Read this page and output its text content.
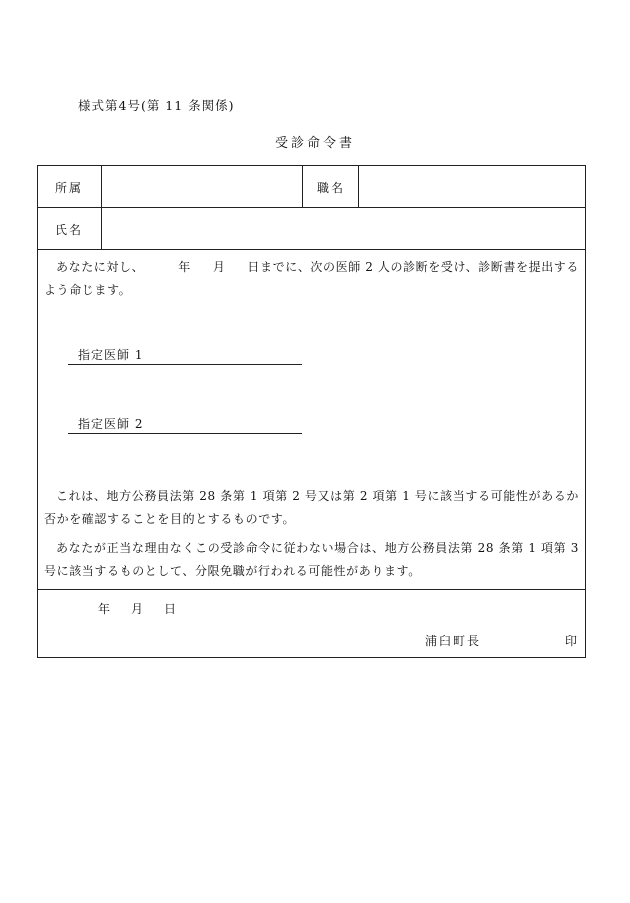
様式第4号(第 11 条関係)
受診命令書
所属	職名
氏名
あなたに対し、	年 月 日までに、次の医師 2 人の診断を受け、診断書を提出するよう命じます。
指定医師 1
指定医師 2
これは、地方公務員法第 28 条第 1 項第 2 号又は第 2 項第 1 号に該当する可能性があるか否かを確認することを目的とするものです。
あなたが正当な理由なくこの受診命令に従わない場合は、地方公務員法第 28 条第 1 項第 3 号に該当するものとして、分限免職が行われる可能性があります。
年 月 日
浦臼町長	印
